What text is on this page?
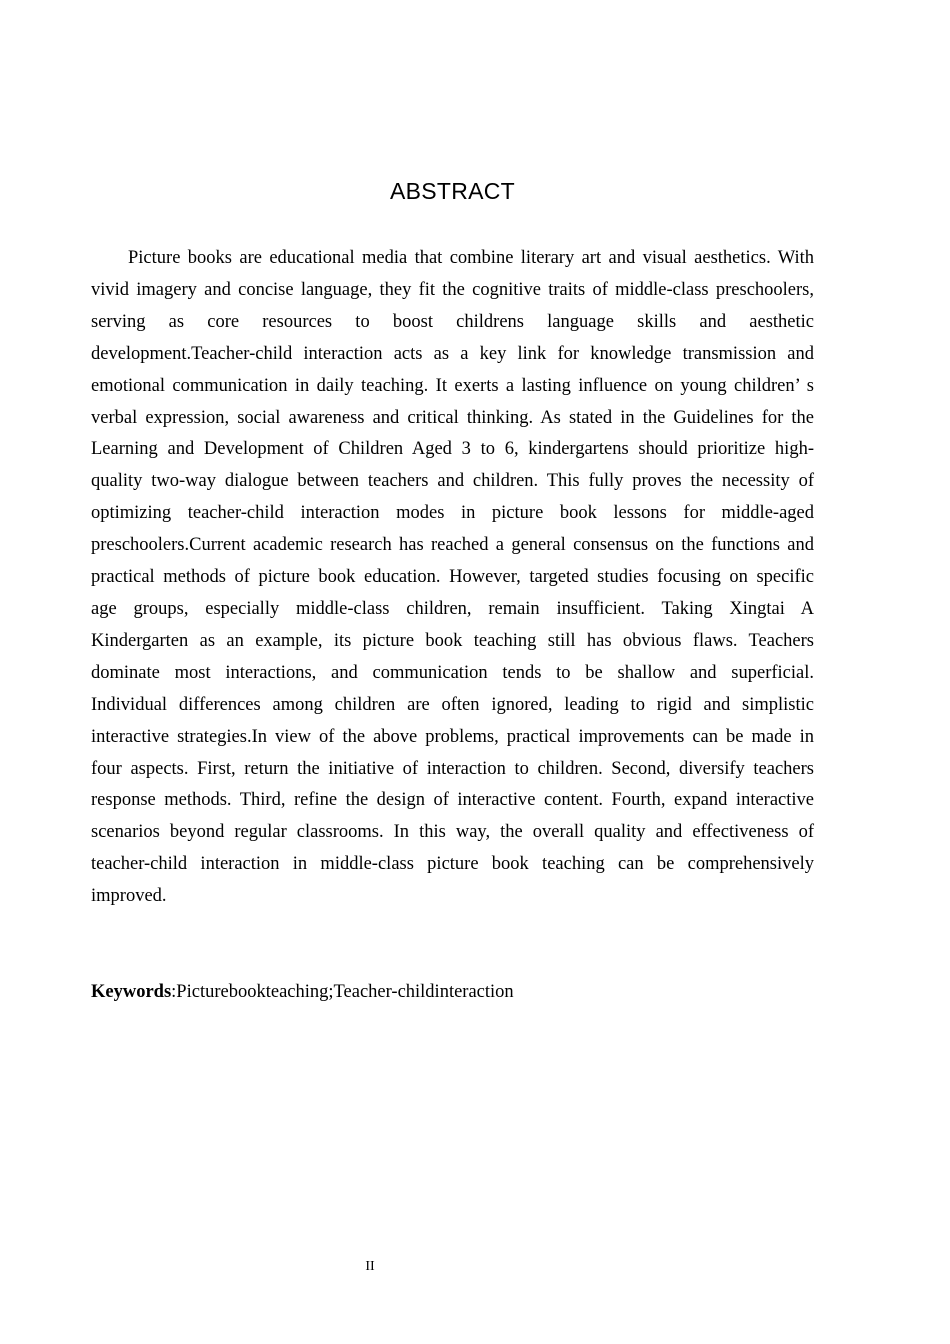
ABSTRACT

Picture books are educational media that combine literary art and visual aesthetics. With vivid imagery and concise language, they fit the cognitive traits of middle-class preschoolers, serving as core resources to boost childrens language skills and aesthetic development.Teacher-child interaction acts as a key link for knowledge transmission and emotional communication in daily teaching. It exerts a lasting influence on young children’ s verbal expression, social awareness and critical thinking. As stated in the Guidelines for the Learning and Development of Children Aged 3 to 6, kindergartens should prioritize high-quality two-way dialogue between teachers and children. This fully proves the necessity of optimizing teacher-child interaction modes in picture book lessons for middle-aged preschoolers.Current academic research has reached a general consensus on the functions and practical methods of picture book education. However, targeted studies focusing on specific age groups, especially middle-class children, remain insufficient. Taking Xingtai A Kindergarten as an example, its picture book teaching still has obvious flaws. Teachers dominate most interactions, and communication tends to be shallow and superficial. Individual differences among children are often ignored, leading to rigid and simplistic interactive strategies.In view of the above problems, practical improvements can be made in four aspects. First, return the initiative of interaction to children. Second, diversify teachers response methods. Third, refine the design of interactive content. Fourth, expand interactive scenarios beyond regular classrooms. In this way, the overall quality and effectiveness of teacher-child interaction in middle-class picture book teaching can be comprehensively improved.

Keywords:Picturebookteaching;Teacher-childinteraction

II
